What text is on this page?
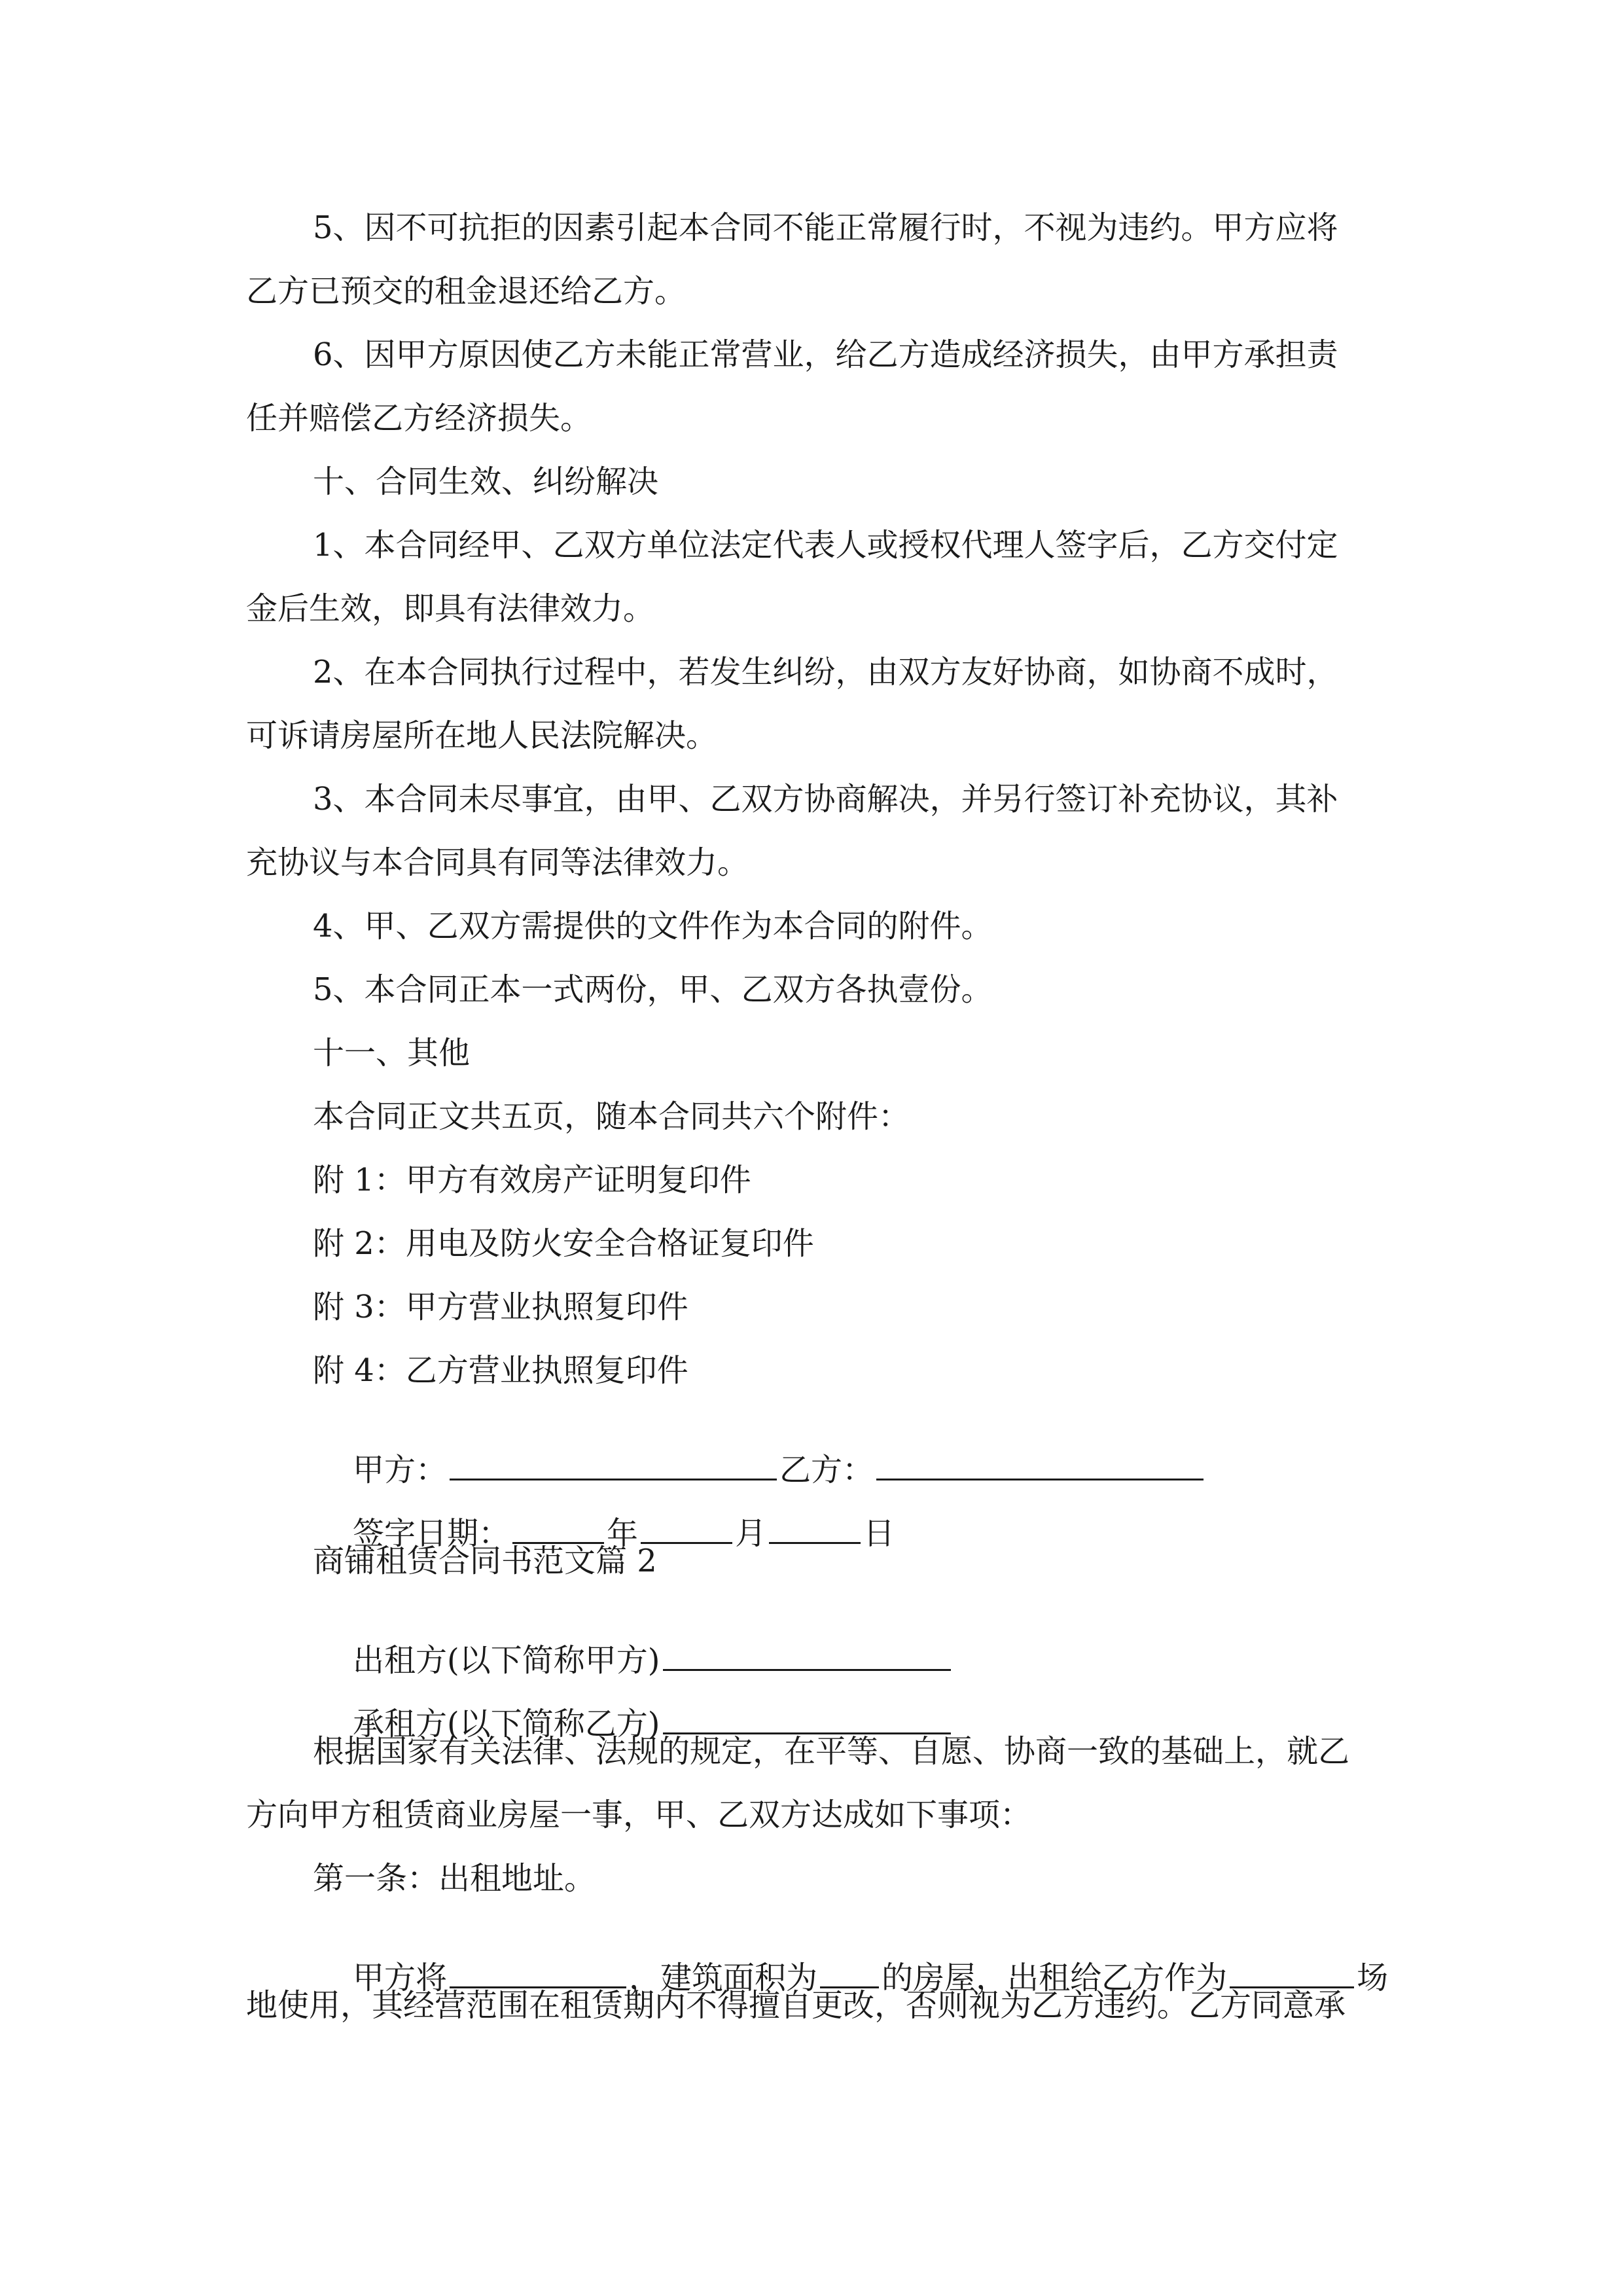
5、因不可抗拒的因素引起本合同不能正常履行时，不视为违约。甲方应将
乙方已预交的租金退还给乙方。
6、因甲方原因使乙方未能正常营业，给乙方造成经济损失，由甲方承担责
任并赔偿乙方经济损失。
十、合同生效、纠纷解决
1、本合同经甲、乙双方单位法定代表人或授权代理人签字后，乙方交付定
金后生效，即具有法律效力。
2、在本合同执行过程中，若发生纠纷，由双方友好协商，如协商不成时，
可诉请房屋所在地人民法院解决。
3、本合同未尽事宜，由甲、乙双方协商解决，并另行签订补充协议，其补
充协议与本合同具有同等法律效力。
4、甲、乙双方需提供的文件作为本合同的附件。
5、本合同正本一式两份，甲、乙双方各执壹份。
十一、其他
本合同正文共五页，随本合同共六个附件：
附 1：甲方有效房产证明复印件
附 2：用电及防火安全合格证复印件
附 3：甲方营业执照复印件
附 4：乙方营业执照复印件

甲方：	乙方：

签字日期：	年	月	日

商铺租赁合同书范文篇 2

出租方(以下简称甲方)

承租方(以下简称乙方)

根据国家有关法律、法规的规定，在平等、自愿、协商一致的基础上，就乙
方向甲方租赁商业房屋一事，甲、乙双方达成如下事项：
第一条：出租地址。

甲方将	，建筑面积为 的房屋，出租给乙方作为	场

地使用，其经营范围在租赁期内不得擅自更改，否则视为乙方违约。乙方同意承
